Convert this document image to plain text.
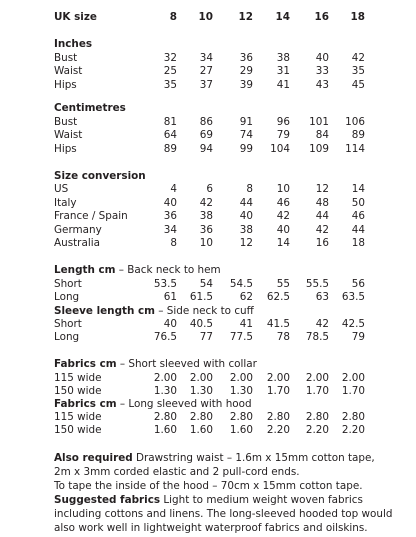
UK size	8	10	12	14	16	18
Inches
Bust	32	34	36	38	40	42
Waist	25	27	29	31	33	35
Hips	35	37	39	41	43	45
Centimetres
Bust	81	86	91	96	101	106
Waist	64	69	74	79	84	89
Hips	89	94	99	104	109	114
Size conversion
US	4	6	8	10	12	14
Italy	40	42	44	46	48	50
France / Spain	36	38	40	42	44	46
Germany	34	36	38	40	42	44
Australia	8	10	12	14	16	18
Length cm – Back neck to hem
Short	53.5	54	54.5	55	55.5	56
Long	61	61.5	62	62.5	63	63.5
Sleeve length cm – Side neck to cuff
Short	40	40.5	41	41.5	42	42.5
Long	76.5	77	77.5	78	78.5	79
Fabrics cm – Short sleeved with collar
115 wide	2.00	2.00	2.00	2.00	2.00	2.00
150 wide	1.30	1.30	1.30	1.70	1.70	1.70
Fabrics cm – Long sleeved with hood
115 wide	2.80	2.80	2.80	2.80	2.80	2.80
150 wide	1.60	1.60	1.60	2.20	2.20	2.20
Also required Drawstring waist – 1.6m x 15mm cotton tape,
2m x 3mm corded elastic and 2 pull-cord ends.
To tape the inside of the hood – 70cm x 15mm cotton tape.
Suggested fabrics Light to medium weight woven fabrics
including cottons and linens. The long-sleeved hooded top would
also work well in lightweight waterproof fabrics and oilskins.
